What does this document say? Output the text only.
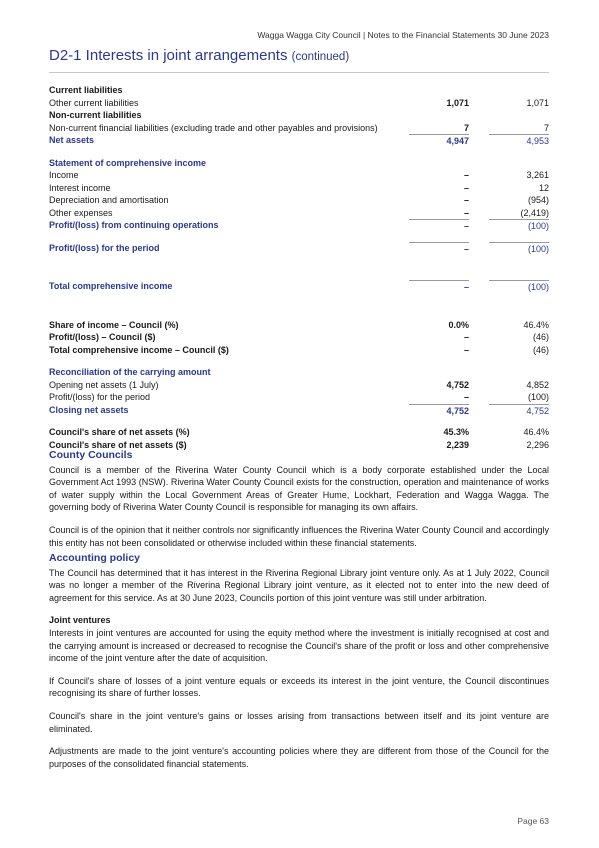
Wagga Wagga City Council | Notes to the Financial Statements 30 June 2023
D2-1 Interests in joint arrangements (continued)
Current liabilities
Other current liabilities	1,071	1,071
Non-current liabilities
Non-current financial liabilities (excluding trade and other payables and provisions)	7	7
Net assets	4,947	4,953
Statement of comprehensive income
Income	–	3,261
Interest income	–	12
Depreciation and amortisation	–	(954)
Other expenses	–	(2,419)
Profit/(loss) from continuing operations	–	(100)
Profit/(loss) for the period	–	(100)
Total comprehensive income	–	(100)
Share of income – Council (%)	0.0%	46.4%
Profit/(loss) – Council ($)	–	(46)
Total comprehensive income – Council ($)	–	(46)
Reconciliation of the carrying amount
Opening net assets (1 July)	4,752	4,852
Profit/(loss) for the period	–	(100)
Closing net assets	4,752	4,752
Council's share of net assets (%)	45.3%	46.4%
Council's share of net assets ($)	2,239	2,296
County Councils
Council is a member of the Riverina Water County Council which is a body corporate established under the Local Government Act 1993 (NSW). Riverina Water County Council exists for the construction, operation and maintenance of works of water supply within the Local Government Areas of Greater Hume, Lockhart, Federation and Wagga Wagga. The governing body of Riverina Water County Council is responsible for managing its own affairs.
Council is of the opinion that it neither controls nor significantly influences the Riverina Water County Council and accordingly this entity has not been consolidated or otherwise included within these financial statements.
Accounting policy
The Council has determined that it has interest in the Riverina Regional Library joint venture only. As at 1 July 2022, Council was no longer a member of the Riverina Regional Library joint venture, as it elected not to enter into the new deed of agreement for this service. As at 30 June 2023, Councils portion of this joint venture was still under arbitration.
Joint ventures
Interests in joint ventures are accounted for using the equity method where the investment is initially recognised at cost and the carrying amount is increased or decreased to recognise the Council's share of the profit or loss and other comprehensive income of the joint venture after the date of acquisition.
If Council's share of losses of a joint venture equals or exceeds its interest in the joint venture, the Council discontinues recognising its share of further losses.
Council's share in the joint venture's gains or losses arising from transactions between itself and its joint venture are eliminated.
Adjustments are made to the joint venture's accounting policies where they are different from those of the Council for the purposes of the consolidated financial statements.
Page 63
